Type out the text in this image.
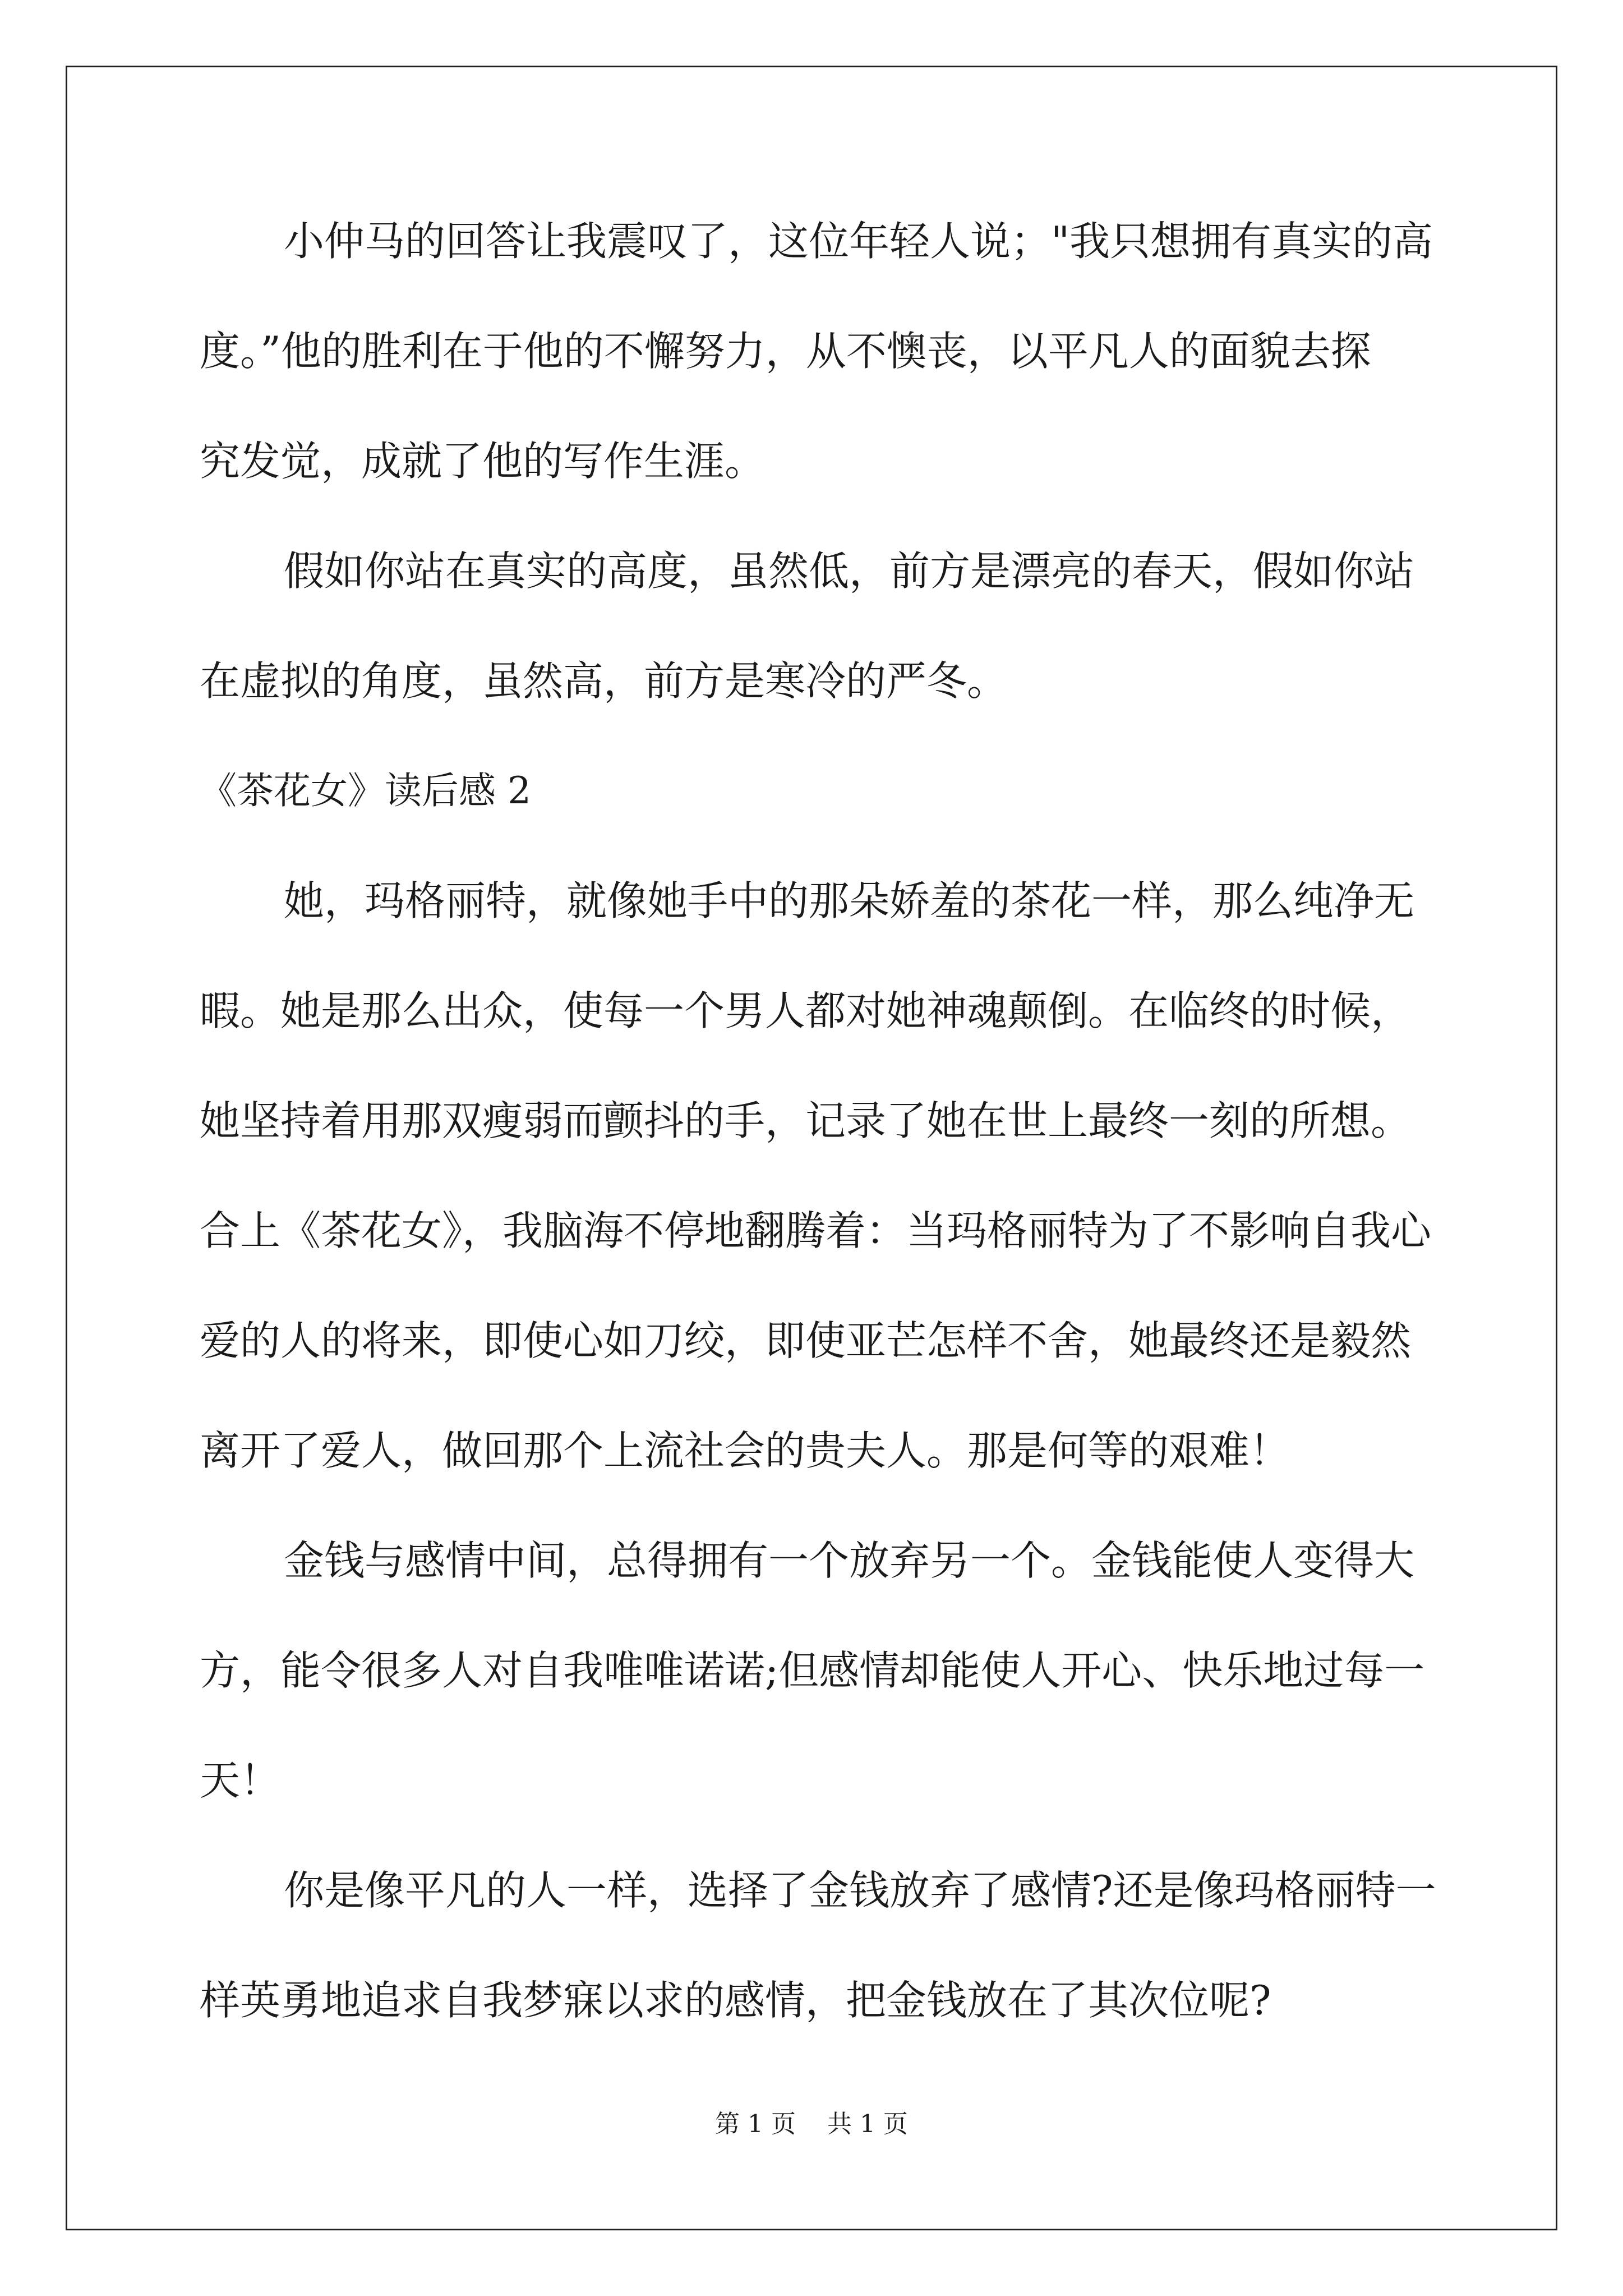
小仲马的回答让我震叹了，这位年轻人说；"我只想拥有真实的高
度。”他的胜利在于他的不懈努力，从不懊丧，以平凡人的面貌去探
究发觉，成就了他的写作生涯。
假如你站在真实的高度，虽然低，前方是漂亮的春天，假如你站
在虚拟的角度，虽然高，前方是寒冷的严冬。
《茶花女》读后感 2
她，玛格丽特，就像她手中的那朵娇羞的茶花一样，那么纯净无
暇。她是那么出众，使每一个男人都对她神魂颠倒。在临终的时候，
她坚持着用那双瘦弱而颤抖的手，记录了她在世上最终一刻的所想。
合上《茶花女》，我脑海不停地翻腾着：当玛格丽特为了不影响自我心
爱的人的将来，即使心如刀绞，即使亚芒怎样不舍，她最终还是毅然
离开了爱人，做回那个上流社会的贵夫人。那是何等的艰难！
金钱与感情中间，总得拥有一个放弃另一个。金钱能使人变得大
方，能令很多人对自我唯唯诺诺;但感情却能使人开心、快乐地过每一
天！
你是像平凡的人一样，选择了金钱放弃了感情?还是像玛格丽特一
样英勇地追求自我梦寐以求的感情，把金钱放在了其次位呢?
第 1 页    共 1 页
